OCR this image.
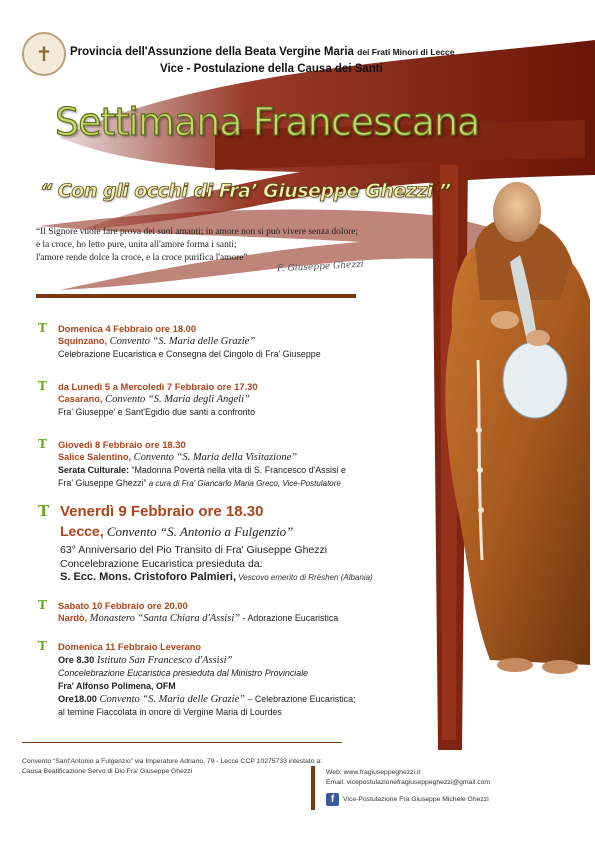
✝	Provincia dell'Assunzione della Beata Vergine Maria dei Frati Minori di Lecce
Vice - Postulazione della Causa dei Santi
Settimana Francescana
“ Con gli occhi di Fra’ Giuseppe Ghezzi ”
“Il Signore vuole fare prova dei suoi amanti; in amore non si può vivere senza dolore;
e la croce, ho letto pure, unita all'amore forma i santi;
l'amore rende dolce la croce, e la croce purifica l'amore”
F. Giuseppe Ghezzi
T Domenica 4 Febbraio ore 18.00
Squinzano, Convento “S. Maria delle Grazie”
Celebrazione Eucaristica e Consegna del Cingolo di Fra' Giuseppe
T da Lunedì 5 a Mercoledì 7 Febbraio ore 17.30
Casarano, Convento “S. Maria degli Angeli”
Fra' Giuseppe' e Sant'Egidio due santi a confronto
T Giovedì 8 Febbraio ore 18.30
Salice Salentino, Convento “S. Maria della Visitazione”
Serata Culturale: “Madonna Povertà nella vita di S. Francesco d'Assisi e
Fra' Giuseppe Ghezzi” a cura di Fra' Giancarlo Maria Greco, Vice-Postulatore
T Venerdì 9 Febbraio ore 18.30
Lecce, Convento “S. Antonio a Fulgenzio”
63° Anniversario del Pio Transito di Fra' Giuseppe Ghezzi
Concelebrazione Eucaristica presieduta da:
S. Ecc. Mons. Cristoforo Palmieri, Vescovo emerito di Rrëshen (Albania)
T Sabato 10 Febbraio ore 20.00
Nardò, Monastero “Santa Chiara d'Assisi” - Adorazione Eucaristica
T Domenica 11 Febbraio Leverano
Ore 8.30 Istituto San Francesco d'Assisi”
Concelebrazione Eucaristica presieduta dal Ministro Provinciale
Fra' Alfonso Polimena, OFM
Ore18.00 Convento “S. Maria delle Grazie” – Celebrazione Eucaristica;
al temine Fiaccolata in onore di Vergine Maria di Lourdes
Convento “Sant'Antonio a Fulgenzio” via Imperatore Adriano, 79 - Lecce CCP 10275733 intestato a:
Causa Beatificazione Servo di Dio Fra' Giuseppe Ghezzi	Web: www.fragiuseppeghezzi.it
Email: vicepostulazionefragiuseppeghezzi@gmail.com
f	Vice-Postulazione Fra Giuseppe Michele Ghezzi
